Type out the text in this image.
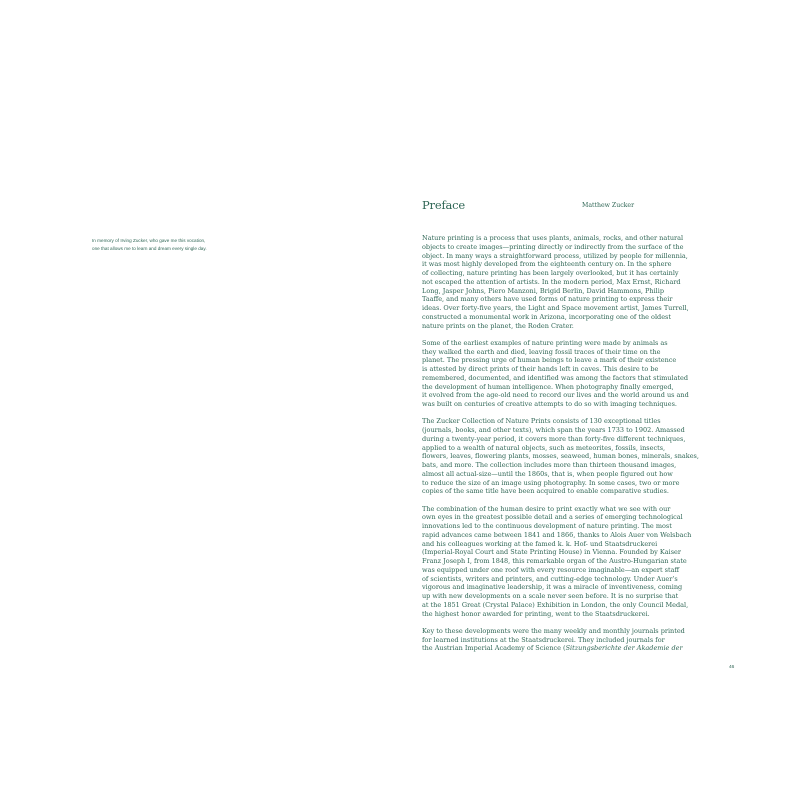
In memory of Irving Zucker, who gave me this vocation,
one that allows me to learn and dream every single day.
Preface	Matthew Zucker

Nature printing is a process that uses plants, animals, rocks, and other natural
objects to create images—printing directly or indirectly from the surface of the
object. In many ways a straightforward process, utilized by people for millennia,
it was most highly developed from the eighteenth century on. In the sphere
of collecting, nature printing has been largely overlooked, but it has certainly
not escaped the attention of artists. In the modern period, Max Ernst, Richard
Long, Jasper Johns, Piero Manzoni, Brigid Berlin, David Hammons, Philip
Taaffe, and many others have used forms of nature printing to express their
ideas. Over forty-five years, the Light and Space movement artist, James Turrell,
constructed a monumental work in Arizona, incorporating one of the oldest
nature prints on the planet, the Roden Crater.

Some of the earliest examples of nature printing were made by animals as
they walked the earth and died, leaving fossil traces of their time on the
planet. The pressing urge of human beings to leave a mark of their existence
is attested by direct prints of their hands left in caves. This desire to be
remembered, documented, and identified was among the factors that stimulated
the development of human intelligence. When photography finally emerged,
it evolved from the age-old need to record our lives and the world around us and
was built on centuries of creative attempts to do so with imaging techniques.

The Zucker Collection of Nature Prints consists of 130 exceptional titles
(journals, books, and other texts), which span the years 1733 to 1902. Amassed
during a twenty-year period, it covers more than forty-five different techniques,
applied to a wealth of natural objects, such as meteorites, fossils, insects,
flowers, leaves, flowering plants, mosses, seaweed, human bones, minerals, snakes,
bats, and more. The collection includes more than thirteen thousand images,
almost all actual-size—until the 1860s, that is, when people figured out how
to reduce the size of an image using photography. In some cases, two or more
copies of the same title have been acquired to enable comparative studies.

The combination of the human desire to print exactly what we see with our
own eyes in the greatest possible detail and a series of emerging technological
innovations led to the continuous development of nature printing. The most
rapid advances came between 1841 and 1866, thanks to Alois Auer von Welsbach
and his colleagues working at the famed k. k. Hof- und Staatsdruckerei
(Imperial-Royal Court and State Printing House) in Vienna. Founded by Kaiser
Franz Joseph I, from 1848, this remarkable organ of the Austro-Hungarian state
was equipped under one roof with every resource imaginable—an expert staff
of scientists, writers and printers, and cutting-edge technology. Under Auer’s
vigorous and imaginative leadership, it was a miracle of inventiveness, coming
up with new developments on a scale never seen before. It is no surprise that
at the 1851 Great (Crystal Palace) Exhibition in London, the only Council Medal,
the highest honor awarded for printing, went to the Staatsdruckerei.

Key to these developments were the many weekly and monthly journals printed
for learned institutions at the Staatsdruckerei. They included journals for
the Austrian Imperial Academy of Science (Sitzungsberichte der Akademie der

46
